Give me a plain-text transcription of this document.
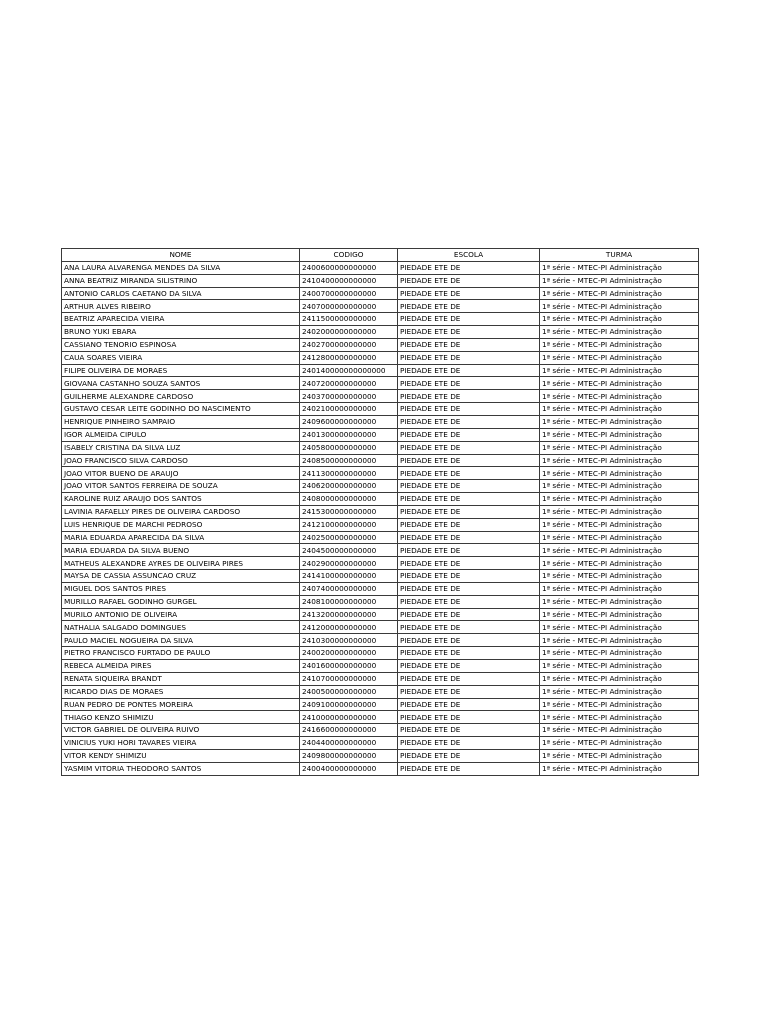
NOME	CODIGO	ESCOLA	TURMA
ANA LAURA ALVARENGA MENDES DA SILVA	2400600000000000	PIEDADE ETE DE	1ª série - MTEC-PI Administração
ANNA BEATRIZ MIRANDA SILISTRINO	2410400000000000	PIEDADE ETE DE	1ª série - MTEC-PI Administração
ANTONIO CARLOS CAETANO DA SILVA	2400700000000000	PIEDADE ETE DE	1ª série - MTEC-PI Administração
ARTHUR ALVES RIBEIRO	2407000000000000	PIEDADE ETE DE	1ª série - MTEC-PI Administração
BEATRIZ APARECIDA VIEIRA	2411500000000000	PIEDADE ETE DE	1ª série - MTEC-PI Administração
BRUNO YUKI EBARA	2402000000000000	PIEDADE ETE DE	1ª série - MTEC-PI Administração
CASSIANO TENORIO ESPINOSA	2402700000000000	PIEDADE ETE DE	1ª série - MTEC-PI Administração
CAUA SOARES VIEIRA	2412800000000000	PIEDADE ETE DE	1ª série - MTEC-PI Administração
FILIPE OLIVEIRA DE MORAES	240140000000000000	PIEDADE ETE DE	1ª série - MTEC-PI Administração
GIOVANA CASTANHO SOUZA SANTOS	2407200000000000	PIEDADE ETE DE	1ª série - MTEC-PI Administração
GUILHERME ALEXANDRE CARDOSO	2403700000000000	PIEDADE ETE DE	1ª série - MTEC-PI Administração
GUSTAVO CESAR LEITE GODINHO DO NASCIMENTO	2402100000000000	PIEDADE ETE DE	1ª série - MTEC-PI Administração
HENRIQUE PINHEIRO SAMPAIO	2409600000000000	PIEDADE ETE DE	1ª série - MTEC-PI Administração
IGOR ALMEIDA CIPULO	2401300000000000	PIEDADE ETE DE	1ª série - MTEC-PI Administração
ISABELY CRISTINA DA SILVA LUZ	2405800000000000	PIEDADE ETE DE	1ª série - MTEC-PI Administração
JOAO FRANCISCO SILVA CARDOSO	2408500000000000	PIEDADE ETE DE	1ª série - MTEC-PI Administração
JOAO VITOR BUENO DE ARAUJO	2411300000000000	PIEDADE ETE DE	1ª série - MTEC-PI Administração
JOAO VITOR SANTOS FERREIRA DE SOUZA	2406200000000000	PIEDADE ETE DE	1ª série - MTEC-PI Administração
KAROLINE RUIZ ARAUJO DOS SANTOS	2408000000000000	PIEDADE ETE DE	1ª série - MTEC-PI Administração
LAVINIA RAFAELLY PIRES DE OLIVEIRA CARDOSO	2415300000000000	PIEDADE ETE DE	1ª série - MTEC-PI Administração
LUIS HENRIQUE DE MARCHI PEDROSO	2412100000000000	PIEDADE ETE DE	1ª série - MTEC-PI Administração
MARIA EDUARDA APARECIDA DA SILVA	2402500000000000	PIEDADE ETE DE	1ª série - MTEC-PI Administração
MARIA EDUARDA DA SILVA BUENO	2404500000000000	PIEDADE ETE DE	1ª série - MTEC-PI Administração
MATHEUS ALEXANDRE AYRES DE OLIVEIRA PIRES	2402900000000000	PIEDADE ETE DE	1ª série - MTEC-PI Administração
MAYSA DE CASSIA ASSUNCAO CRUZ	2414100000000000	PIEDADE ETE DE	1ª série - MTEC-PI Administração
MIGUEL DOS SANTOS PIRES	2407400000000000	PIEDADE ETE DE	1ª série - MTEC-PI Administração
MURILLO RAFAEL GODINHO GURGEL	2408100000000000	PIEDADE ETE DE	1ª série - MTEC-PI Administração
MURILO ANTONIO DE OLIVEIRA	2413200000000000	PIEDADE ETE DE	1ª série - MTEC-PI Administração
NATHALIA SALGADO DOMINGUES	2412000000000000	PIEDADE ETE DE	1ª série - MTEC-PI Administração
PAULO MACIEL NOGUEIRA DA SILVA	2410300000000000	PIEDADE ETE DE	1ª série - MTEC-PI Administração
PIETRO FRANCISCO FURTADO DE PAULO	2400200000000000	PIEDADE ETE DE	1ª série - MTEC-PI Administração
REBECA ALMEIDA PIRES	2401600000000000	PIEDADE ETE DE	1ª série - MTEC-PI Administração
RENATA SIQUEIRA BRANDT	2410700000000000	PIEDADE ETE DE	1ª série - MTEC-PI Administração
RICARDO DIAS DE MORAES	2400500000000000	PIEDADE ETE DE	1ª série - MTEC-PI Administração
RUAN PEDRO DE PONTES MOREIRA	2409100000000000	PIEDADE ETE DE	1ª série - MTEC-PI Administração
THIAGO KENZO SHIMIZU	2410000000000000	PIEDADE ETE DE	1ª série - MTEC-PI Administração
VICTOR GABRIEL DE OLIVEIRA RUIVO	2416600000000000	PIEDADE ETE DE	1ª série - MTEC-PI Administração
VINICIUS YUKI HORI TAVARES VIEIRA	2404400000000000	PIEDADE ETE DE	1ª série - MTEC-PI Administração
VITOR KENDY SHIMIZU	2409800000000000	PIEDADE ETE DE	1ª série - MTEC-PI Administração
YASMIM VITORIA THEODORO SANTOS	2400400000000000	PIEDADE ETE DE	1ª série - MTEC-PI Administração
